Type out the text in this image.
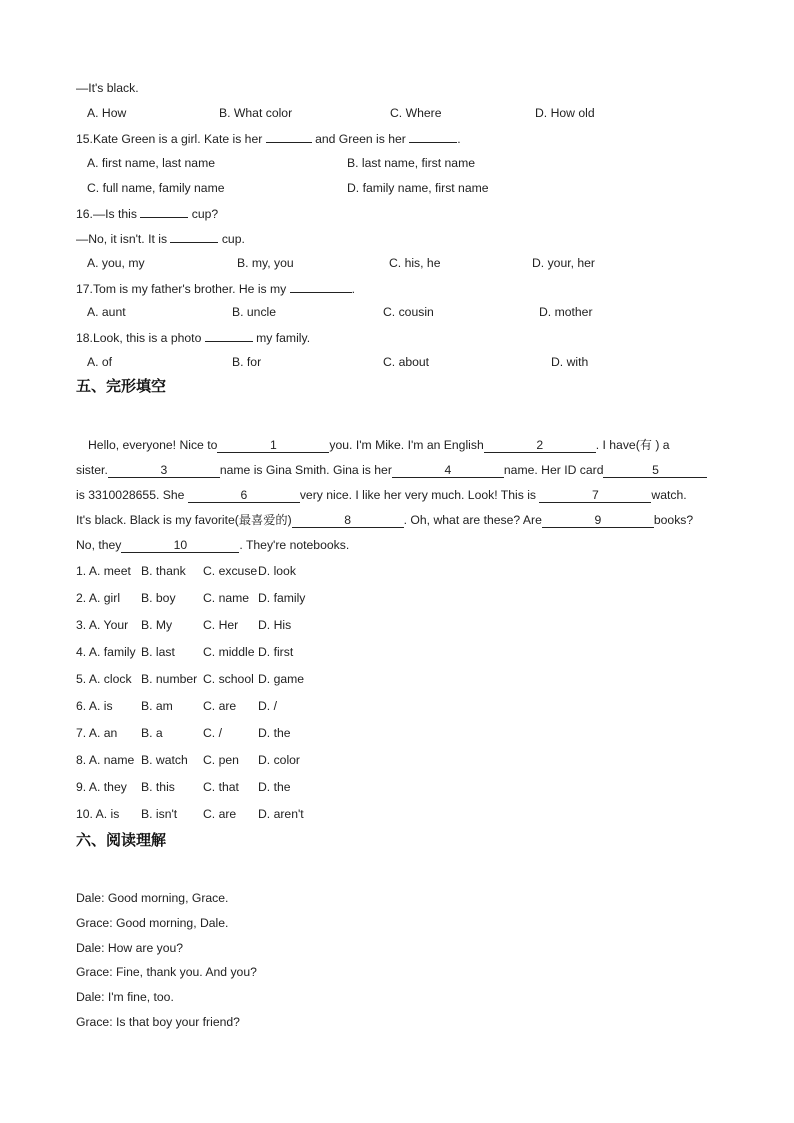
—It's black.
A. How	B. What color	C. Where	D. How old
15.Kate Green is a girl. Kate is her	and Green is her	.
A. first name, last name	B. last name, first name
C. full name, family name	D. family name, first name
16.—Is this	cup?
—No, it isn't. It is	cup.
A. you, my	B. my, you	C. his, he	D. your, her
17.Tom is my father's brother. He is my	.
A. aunt	B. uncle	C. cousin	D. mother
18.Look, this is a photo	my family.
A. of	B. for	C. about	D. with
五、完形填空
Hello, everyone! Nice to	1	you. I'm Mike. I'm an English	2	. I have(有 ) a
sister.	3	name is Gina Smith. Gina is her	4	name. Her ID card	5
is 3310028655. She	6	very nice. I like her very much. Look! This is	7	watch.
It's black. Black is my favorite(最喜爱的)	8	. Oh, what are these? Are	9	books?
No, they	10	. They're notebooks.
1. A. meet B. thank C. excuse D. look
2. A. girl B. boy C. name D. family
3. A. Your B. My	C. Her D. His
4. A. family B. last C. middle D. first
5. A. clock B. number C. school D. game
6. A. is B. am C. are D. /
7. A. an B. a	C. /	D. the
8. A. name B. watch C. pen D. color
9. A. they B. this C. that D. the
10. A. is B. isn't C. are D. aren't
六、阅读理解
Dale: Good morning, Grace.
Grace: Good morning, Dale.
Dale: How are you?
Grace: Fine, thank you. And you?
Dale: I'm fine, too.
Grace: Is that boy your friend?
